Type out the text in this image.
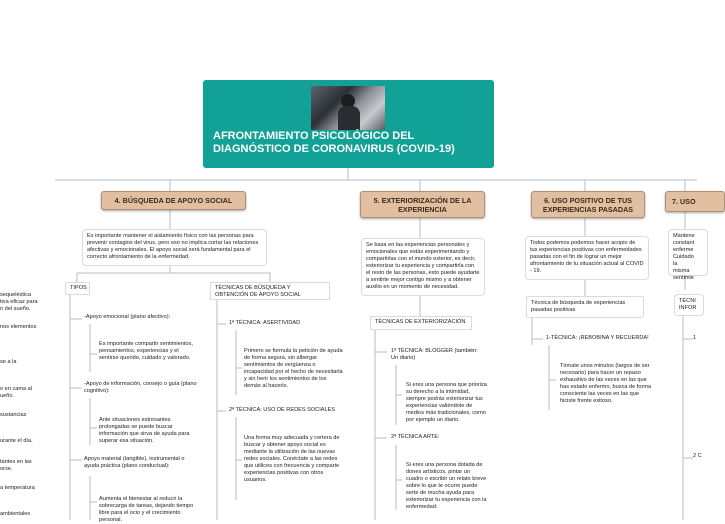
AFRONTAMIENTO PSICOLÓGICO DEL DIAGNÓSTICO DE CORONAVIRUS (COVID-19)
4. BÚSQUEDA DE APOYO SOCIAL	5. EXTERIORIZACIÓN DE LA EXPERIENCIA
6. USO POSITIVO DE TUS EXPERIENCIAS PASADAS
7. USO
sequeléstica
tiva eficaz para
n del sueño.
nos elementos
se a la
o en cama al
ueño.
sustancias
urante el día.
tantes en las
orse.
a temperatura
ambientales
Es importante mantener el aislamiento físico con las personas para prevenir contagios del virus, pero eso no implica cortar las relaciones afectivas y emocionales. El apoyo social será fundamental para el correcto afrontamiento de la enfermedad.
TIPOS
-Apoyo emocional (plano afectivo):
Es importante compartir sentimientos, pensamientos, experiencias y el sentirse querido, cuidado y valorado.
-Apoyo de información, consejo o guía (plano cognitivo):
Ante situaciones estresantes prolongadas se puede buscar información que sirva de ayuda para superar esa situación.
Apoyo material (tangible), instrumental o ayuda práctica (plano conductual):
Aumenta el bienestar al reducir la sobrecarga de tareas, dejando tiempo libre para el ocio y el crecimiento personal.
TÉCNICAS DE BÚSQUEDA Y OBTENCIÓN DE APOYO SOCIAL
1ª TÉCNICA: ASERTIVIDAD
Primero se formula la petición de ayuda de forma segura, sin albergar sentimientos de vergüenza o incapacidad por el hecho de necesitarla y sin herir los sentimientos de los demás al hacerlo.
2ª TÉCNICA: USO DE REDES SOCIALES
Una forma muy adecuada y certera de buscar y obtener apoyo social es mediante la utilización de las nuevas redes sociales. Conéctate a las redes que utilices con frecuencia y comparte experiencias positivas con otros usuarios.
Se basa en las experiencias personales y emocionales que estás experimentando y compartirlas con el mundo exterior, es decir, exteriorizar tu experiencia y compartirla con el resto de las personas, esto puede ayudarte a sentirte mejor contigo mismo y a obtener auxilio en un momento de necesidad.
TÉCNICAS DE EXTERIORIZACIÓN
1ª TÉCNICA: BLOGGER (también: Un diario)
Si eres una persona que prioriza su derecho a la intimidad, siempre podrás exteriorizar tus experiencias valiéndote de medios más tradicionales, como por ejemplo un diario.
2ª TÉCNICA ARTE:
Si eres una persona dotada de dones artísticos, pintar un cuadro o escribir un relato breve sobre lo que te ocurre puede serte de mucha ayuda para exteriorizar tu experiencia con la enfermedad.
Todos podemos podemos hacer acopio de tus experiencias positivas con enfermedades pasadas con el fin de lograr un mejor afrontamiento de tu situación actual al COVID - 19.
Técnica de búsqueda de experiencias pasadas positivas
1-TÉCNICA: ¡REBOBINA Y RECUERDA!
Tómate unos minutos (largos de ser necesario) para hacer un repaso exhaustivo de las veces en las que has estado enfermo, busca de forma consciente las veces en las que hiciste frente exitoso.
Mantene constant enferme Cuidado la misma sentimie
TÉCNI INFOR
1
2 C
